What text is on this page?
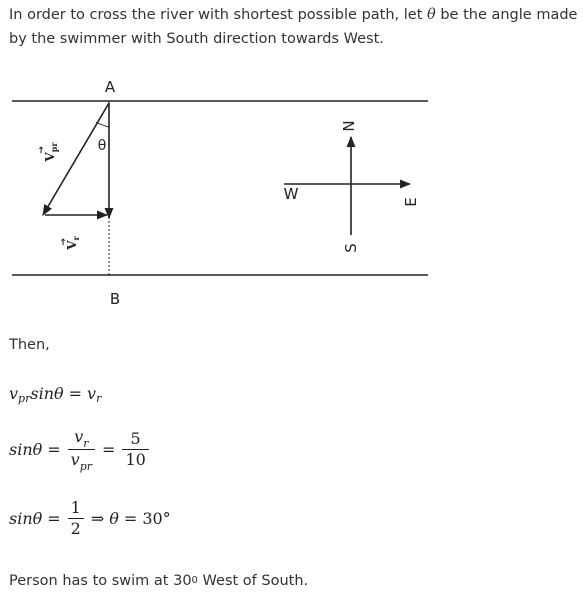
In order to cross the river with shortest possible path, let θ be the angle made by the swimmer with South direction towards West.

A
B
θ
→
$V_{pr}$
→
$V_r$
N
S
W	E

Then,

v pr sin θ = v r
$\sin\theta = \frac{v_r}{v_{pr}} = \frac{5}{10}$
$\sin\theta = \frac{1}{2}$ ⇒ θ = 30°

Person has to swim at $30^0$ West of South.
